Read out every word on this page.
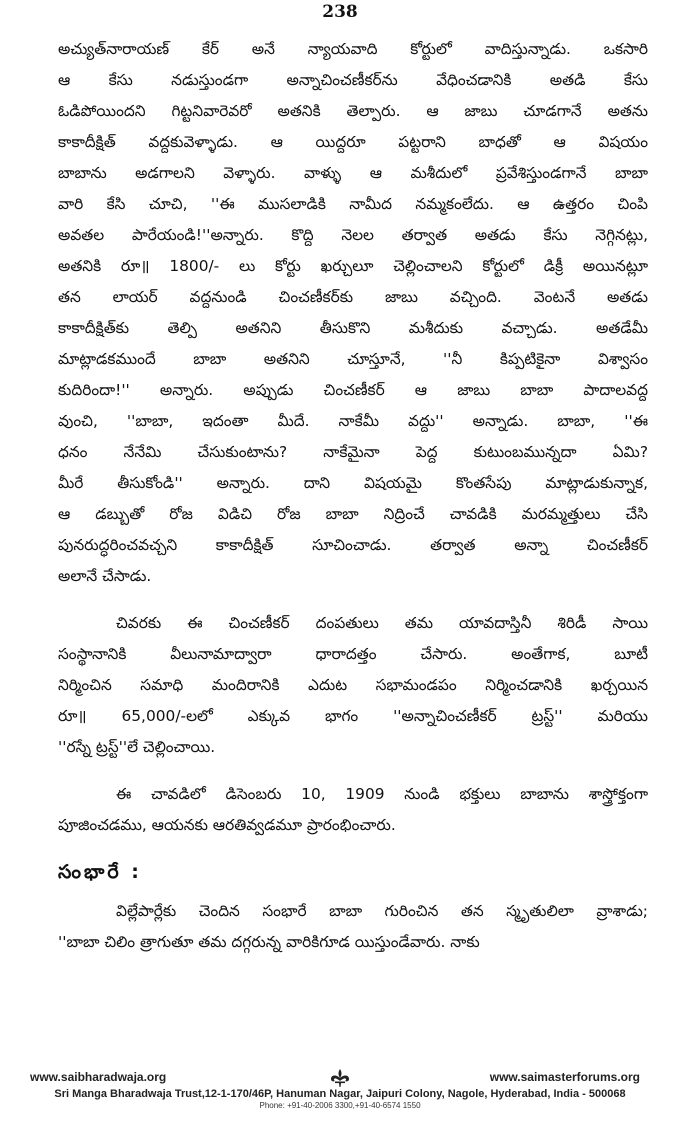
238

అచ్యుత్‌నారాయణ్ కేర్ అనే న్యాయవాది కోర్టులో వాదిస్తున్నాడు. ఒకసారి

ఆ కేసు నడుస్తుండగా అన్నాచించణీకర్‌ను వేధించడానికి అతడి కేసు

ఓడిపోయిందని గిట్టనివారెవరో అతనికి తెల్పారు. ఆ జాబు చూడగానే అతను

కాకాదీక్షిత్ వద్దకువెళ్ళాడు. ఆ యిద్దరూ పట్టరాని బాధతో ఆ విషయం

బాబాను అడగాలని వెళ్ళారు. వాళ్ళు ఆ మశీదులో ప్రవేశిస్తుండగానే బాబా

వారి కేసి చూచి, ''ఈ ముసలాడికి నామీద నమ్మకంలేదు. ఆ ఉత్తరం చింపి

అవతల పారేయండి!''అన్నారు. కొద్ది నెలల తర్వాత అతడు కేసు నెగ్గినట్లు,

అతనికి రూ॥ 1800/- లు కోర్టు ఖర్చులూ చెల్లించాలని కోర్టులో డిక్రీ అయినట్లూ

తన లాయర్ వద్దనుండి చించణీకర్‌కు జాబు వచ్చింది. వెంటనే అతడు

కాకాదీక్షిత్‌కు తెల్పి అతనిని తీసుకొని మశీదుకు వచ్చాడు. అతడేమీ

మాట్లాడకముందే బాబా అతనిని చూస్తూనే, ''నీ కిప్పటికైనా విశ్వాసం

కుదిరిందా!'' అన్నారు. అప్పుడు చించణీకర్ ఆ జాబు బాబా పాదాలవద్ద

వుంచి, ''బాబా, ఇదంతా మీదే. నాకేమీ వద్దు'' అన్నాడు. బాబా, ''ఈ

ధనం నేనేమి చేసుకుంటాను? నాకేమైనా పెద్ద కుటుంబమున్నదా ఏమి?

మీరే తీసుకోండి'' అన్నారు. దాని విషయమై కొంతసేపు మాట్లాడుకున్నాక,

ఆ డబ్బుతో రోజ విడిచి రోజ బాబా నిద్రించే చావడికి మరమ్మత్తులు చేసి

పునరుద్ధరించవచ్చని కాకాదీక్షిత్ సూచించాడు. తర్వాత అన్నా చించణీకర్

అలానే చేసాడు.

చివరకు ఈ చించణీకర్ దంపతులు తమ యావదాస్తినీ శిరిడీ సాయి

సంస్థానానికి వీలునామాద్వారా ధారాదత్తం చేసారు. అంతేగాక, బూటీ

నిర్మించిన సమాధి మందిరానికి ఎదుట సభామండపం నిర్మించడానికి ఖర్చయిన

రూ॥ 65,000/-లలో ఎక్కువ భాగం ''అన్నాచించణీకర్ ట్రస్ట్'' మరియు

''రస్నే ట్రస్ట్''లే చెల్లించాయి.

ఈ చావడిలో డిసెంబరు 10, 1909 నుండి భక్తులు బాబాను శాస్త్రోక్తంగా

పూజించడము, ఆయనకు ఆరతివ్వడమూ ప్రారంభించారు.

సంభారే :

విల్లేపార్లేకు చెందిన సంభారే బాబా గురించిన తన స్మృతులిలా వ్రాశాడు;

''బాబా చిలిం త్రాగుతూ తమ దగ్గరున్న వారికిగూడ యిస్తుండేవారు. నాకు

www.saibharadwaja.org	www.saimasterforums.org
Sri Manga Bharadwaja Trust,12-1-170/46P, Hanuman Nagar, Jaipuri Colony, Nagole, Hyderabad, India - 500068
Phone: +91-40-2006 3300,+91-40-6574 1550
